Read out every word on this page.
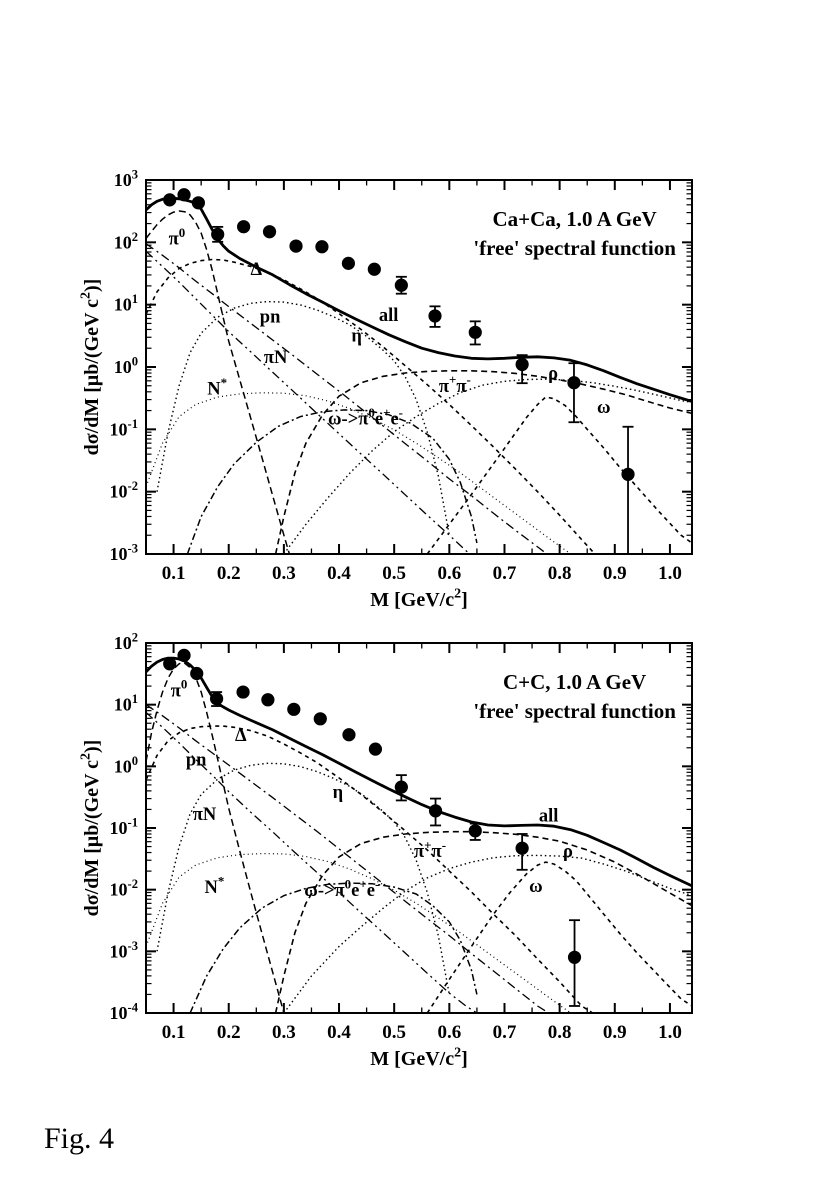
0.1 0.2 0.3 0.4 0.5 0.6 0.7 0.8 0.9 1.0
$10^3$
$10^2$
$10^1$
$10^0$
$10^{-1}$
$10^{-2}$
$10^{-3}$
$\pi^0$
Δ
pn
πN
N*
η
all
π+π-	ρ
ω
$\omega->\pi^0e^+e^-$
Ca+Ca, 1.0 A GeV
'free' spectral function
M $[GeV/c^2]$
dσ/dM [μb/(GeV $c^2$)]
0.1 0.2 0.3 0.4 0.5 0.6 0.7 0.8 0.9 1.0
$10^2$
$10^1$
$10^0$
$10^{-1}$
$10^{-2}$
$10^{-3}$
$10^{-4}$
$\pi^0$
pn
Δ
πN
N*
η
$\omega->\pi^0e^+e^-$
π+π-
all
ρ
ω
C+C, 1.0 A GeV
'free' spectral function
M $[GeV/c^2]$
dσ/dM [μb/(GeV $c^2$)]
Fig. 4
